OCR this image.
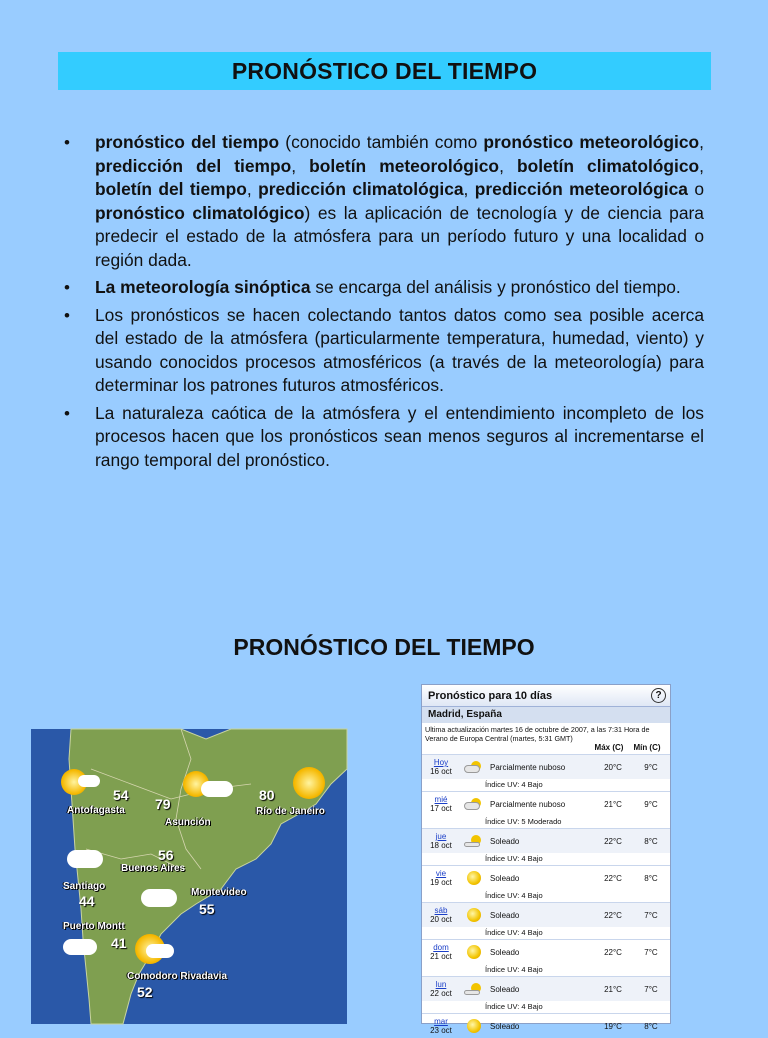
PRONÓSTICO DEL TIEMPO
• pronóstico del tiempo (conocido también como pronóstico meteorológico, predicción del tiempo, boletín meteorológico, boletín climatológico, boletín del tiempo, predicción climatológica, predicción meteorológica o pronóstico climatológico) es la aplicación de tecnología y de ciencia para predecir el estado de la atmósfera para un período futuro y una localidad o región dada.
• La meteorología sinóptica se encarga del análisis y pronóstico del tiempo.
• Los pronósticos se hacen colectando tantos datos como sea posible acerca del estado de la atmósfera (particularmente temperatura, humedad, viento) y usando conocidos procesos atmosféricos (a través de la meteorología) para determinar los patrones futuros atmosféricos.
• La naturaleza caótica de la atmósfera y el entendimiento incompleto de los procesos hacen que los pronósticos sean menos seguros al incrementarse el rango temporal del pronóstico.
PRONÓSTICO DEL TIEMPO
54
79
80
56
44	55
41
52
Antofagasta
Asunción
Río de Janeiro
Buenos Aires
Santiago
Montevideo
Puerto Montt
Comodoro Rivadavia
Pronóstico para 10 días	?
Madrid, España
Ultima actualización martes 16 de octubre de 2007, a las 7:31 Hora de Verano de Europa Central (martes, 5:31 GMT)
Máx (C)	Mín (C)
Hoy
16 oct	Parcialmente nuboso	20°C	9°C
Índice UV: 4 Bajo
mié
17 oct	Parcialmente nuboso	21°C	9°C
Índice UV: 5 Moderado
jue
18 oct	Soleado	22°C	8°C
Índice UV: 4 Bajo
vie
19 oct	Soleado	22°C	8°C
Índice UV: 4 Bajo
sáb
20 oct	Soleado	22°C	7°C
Índice UV: 4 Bajo
dom
21 oct	Soleado	22°C	7°C
Índice UV: 4 Bajo
lun
22 oct	Soleado	21°C	7°C
Índice UV: 4 Bajo
mar
23 oct	Soleado	19°C	8°C
